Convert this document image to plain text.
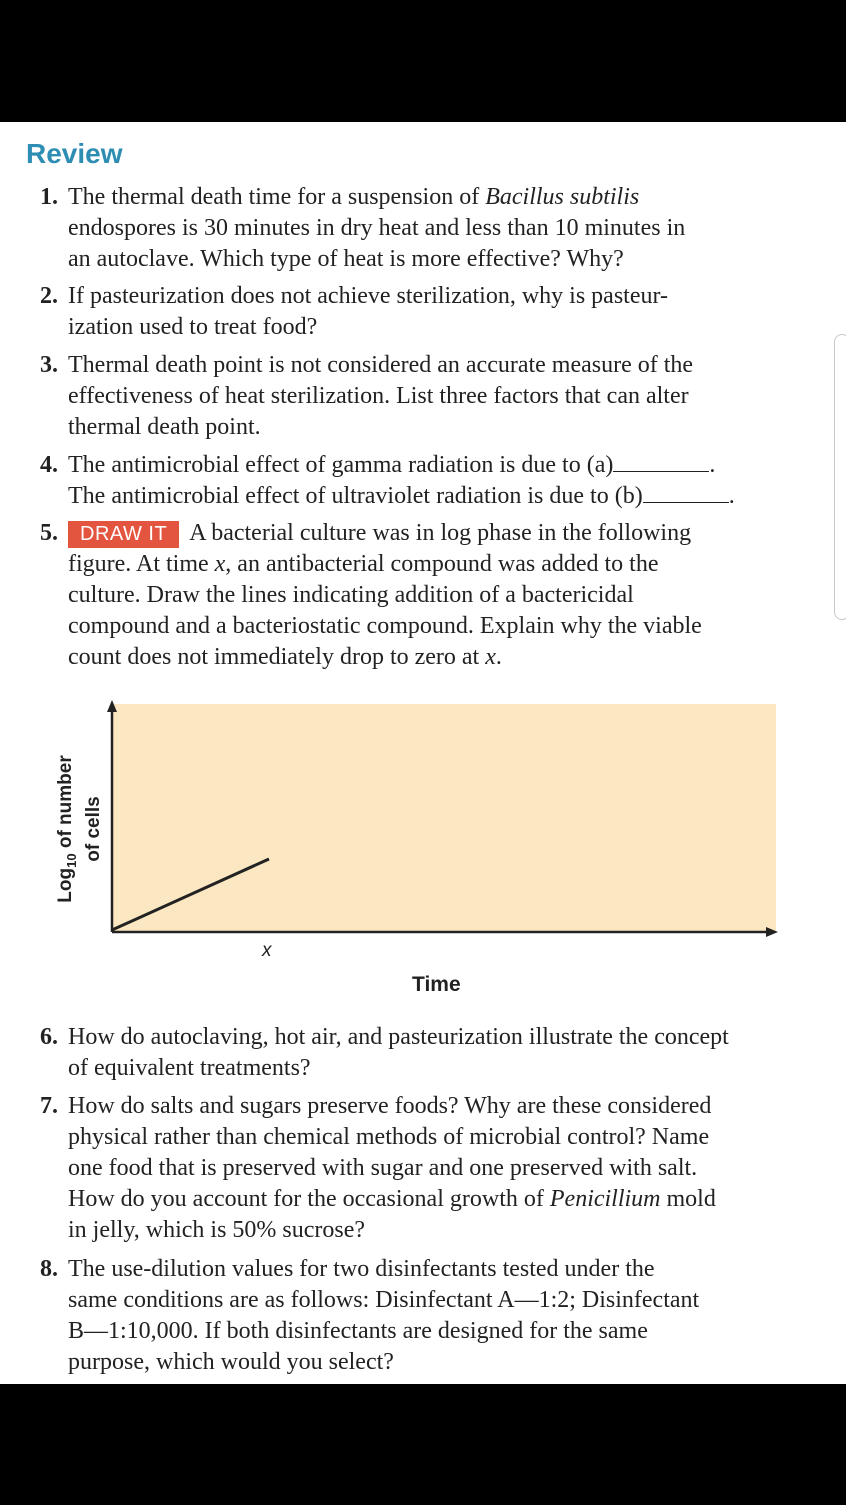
Review
1. The thermal death time for a suspension of Bacillus subtilis
endospores is 30 minutes in dry heat and less than 10 minutes in
an autoclave. Which type of heat is more effective? Why?
2. If pasteurization does not achieve sterilization, why is pasteur-
ization used to treat food?
3. Thermal death point is not considered an accurate measure of the
effectiveness of heat sterilization. List three factors that can alter
thermal death point.
4. The antimicrobial effect of gamma radiation is due to (a)	.
The antimicrobial effect of ultraviolet radiation is due to (b)	.
5.	DRAW IT A bacterial culture was in log phase in the following
figure. At time x, an antibacterial compound was added to the
culture. Draw the lines indicating addition of a bactericidal
compound and a bacteriostatic compound. Explain why the viable
count does not immediately drop to zero at x.
Log$_{10}$ of number of cells
x
Time
6. How do autoclaving, hot air, and pasteurization illustrate the concept
of equivalent treatments?
7. How do salts and sugars preserve foods? Why are these considered
physical rather than chemical methods of microbial control? Name
one food that is preserved with sugar and one preserved with salt.
How do you account for the occasional growth of Penicillium mold
in jelly, which is 50% sucrose?
8. The use-dilution values for two disinfectants tested under the
same conditions are as follows: Disinfectant A—1:2; Disinfectant
B—1:10,000. If both disinfectants are designed for the same
purpose, which would you select?
